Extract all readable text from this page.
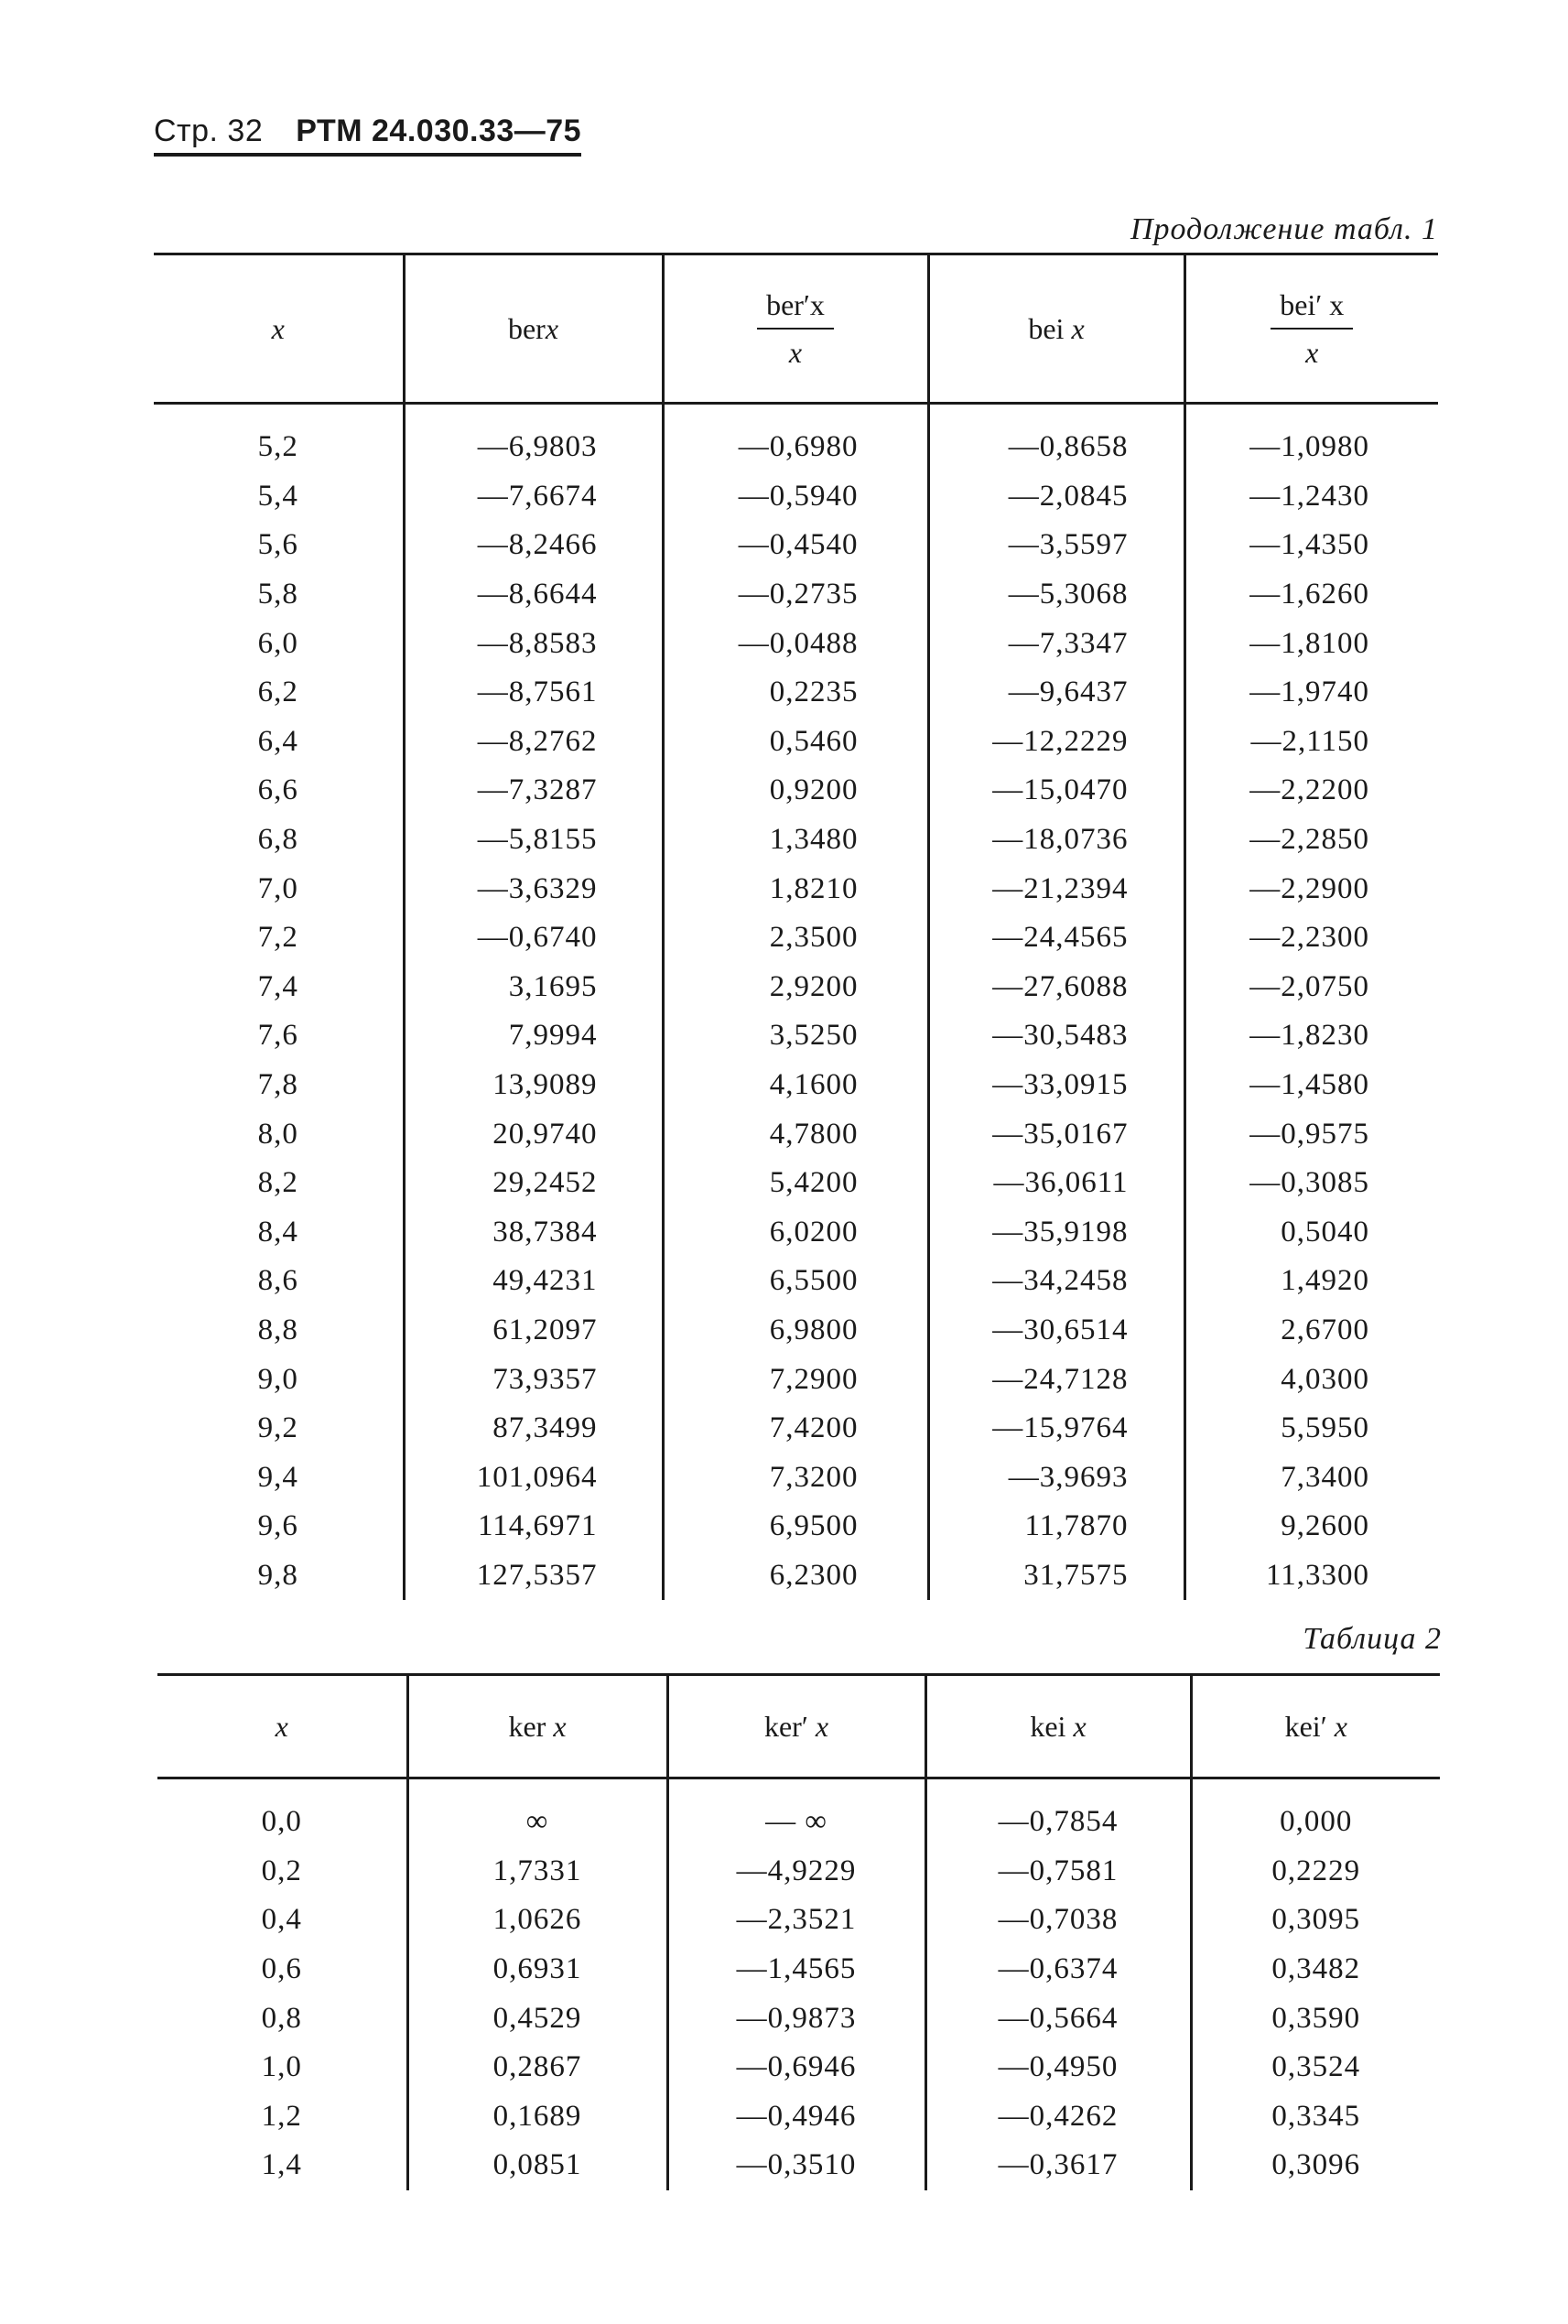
Стр. 32 РТМ 24.030.33—75
Продолжение табл. 1
x	berx	$\frac{\text{ber′x}}{x}$	bei x	$\frac{\text{bei′ x}}{x}$

5,2	—6,9803	—0,6980	—0,8658	—1,0980
5,4	—7,6674	—0,5940	—2,0845	—1,2430
5,6	—8,2466	—0,4540	—3,5597	—1,4350
5,8	—8,6644	—0,2735	—5,3068	—1,6260
6,0	—8,8583	—0,0488	—7,3347	—1,8100
6,2	—8,7561	0,2235	—9,6437	—1,9740
6,4	—8,2762	0,5460	—12,2229	—2,1150
6,6	—7,3287	0,9200	—15,0470	—2,2200
6,8	—5,8155	1,3480	—18,0736	—2,2850
7,0	—3,6329	1,8210	—21,2394	—2,2900
7,2	—0,6740	2,3500	—24,4565	—2,2300
7,4	3,1695	2,9200	—27,6088	—2,0750
7,6	7,9994	3,5250	—30,5483	—1,8230
7,8	13,9089	4,1600	—33,0915	—1,4580
8,0	20,9740	4,7800	—35,0167	—0,9575
8,2	29,2452	5,4200	—36,0611	—0,3085
8,4	38,7384	6,0200	—35,9198	0,5040
8,6	49,4231	6,5500	—34,2458	1,4920
8,8	61,2097	6,9800	—30,6514	2,6700
9,0	73,9357	7,2900	—24,7128	4,0300
9,2	87,3499	7,4200	—15,9764	5,5950
9,4	101,0964	7,3200	—3,9693	7,3400
9,6	114,6971	6,9500	11,7870	9,2600
9,8	127,5357	6,2300	31,7575	11,3300
Таблица 2
x	ker x	ker′ x	kei x	kei′ x
0,0	∞	— ∞	—0,7854	0,000
0,2	1,7331	—4,9229	—0,7581	0,2229
0,4	1,0626	—2,3521	—0,7038	0,3095
0,6	0,6931	—1,4565	—0,6374	0,3482
0,8	0,4529	—0,9873	—0,5664	0,3590
1,0	0,2867	—0,6946	—0,4950	0,3524
1,2	0,1689	—0,4946	—0,4262	0,3345
1,4	0,0851	—0,3510	—0,3617	0,3096
